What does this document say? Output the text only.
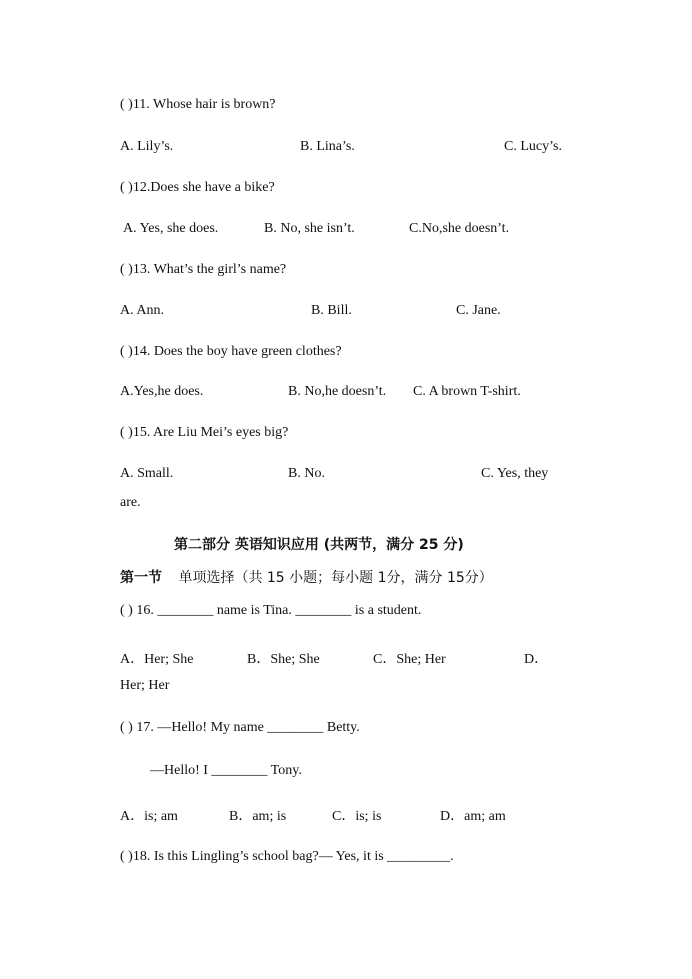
( )11. Whose hair is brown?
A. Lily’s.	B. Lina’s.	C. Lucy’s.
( )12.Does she have a bike?
A. Yes, she does.	B. No, she isn’t.	C.No,she doesn’t.
( )13. What’s the girl’s name?
A. Ann.	B. Bill.	C. Jane.
( )14. Does the boy have green clothes?
A.Yes,he does.	B. No,he doesn’t. C. A brown T-shirt.
( )15. Are Liu Mei’s eyes big?
A. Small.	B. No.	C. Yes, they
are.
第二部分 英语知识应用 (共两节，满分 25 分)
第一节 单项选择（共 15 小题；每小题 1分，满分 15分）
( ) 16. ________ name is Tina. ________ is a student.
A．Her; She	B．She; She	C．She; Her	D．
Her; Her
( ) 17. —Hello! My name ________ Betty.
—Hello! I ________ Tony.
A．is; am	B．am; is	C．is; is	D．am; am
( )18. Is this Lingling’s school bag?— Yes, it is _________.
